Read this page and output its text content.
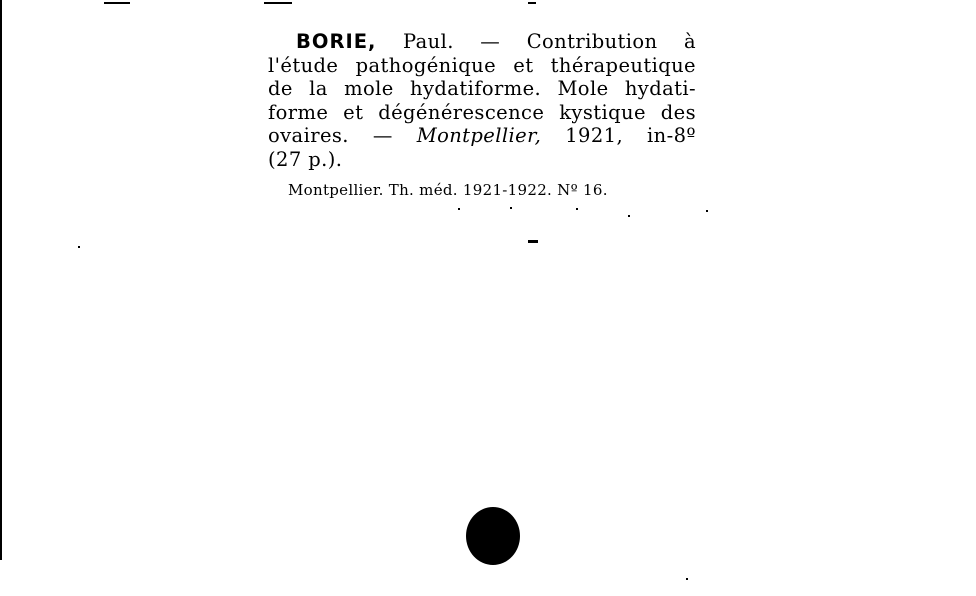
BORIE, Paul. — Contribution à
l'étude pathogénique et thérapeutique
de la mole hydatiforme. Mole hydati-
forme et dégénérescence kystique des
ovaires. — Montpellier, 1921, in-8º
(27 p.).
Montpellier. Th. méd. 1921-1922. Nº 16.
